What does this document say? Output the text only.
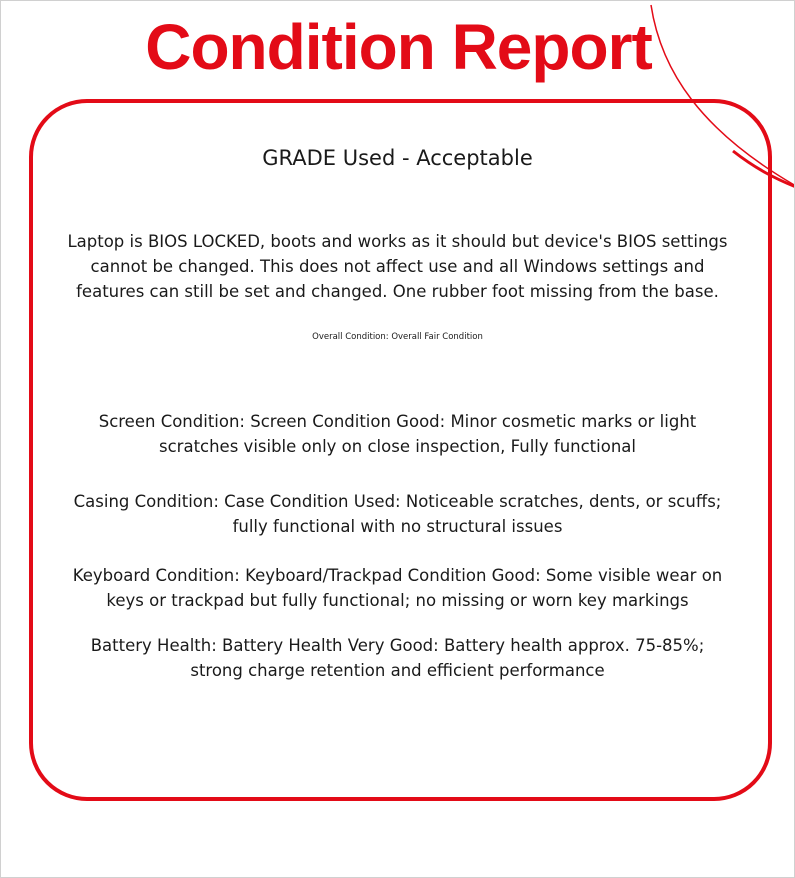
Condition Report
GRADE Used - Acceptable
Laptop is BIOS LOCKED, boots and works as it should but device's BIOS settings cannot be changed. This does not affect use and all Windows settings and features can still be set and changed. One rubber foot missing from the base.
Overall Condition: Overall Fair Condition
Screen Condition: Screen Condition Good: Minor cosmetic marks or light scratches visible only on close inspection, Fully functional
Casing Condition: Case Condition Used: Noticeable scratches, dents, or scuffs; fully functional with no structural issues
Keyboard Condition: Keyboard/Trackpad Condition Good: Some visible wear on keys or trackpad but fully functional; no missing or worn key markings
Battery Health: Battery Health Very Good: Battery health approx. 75-85%; strong charge retention and efficient performance
